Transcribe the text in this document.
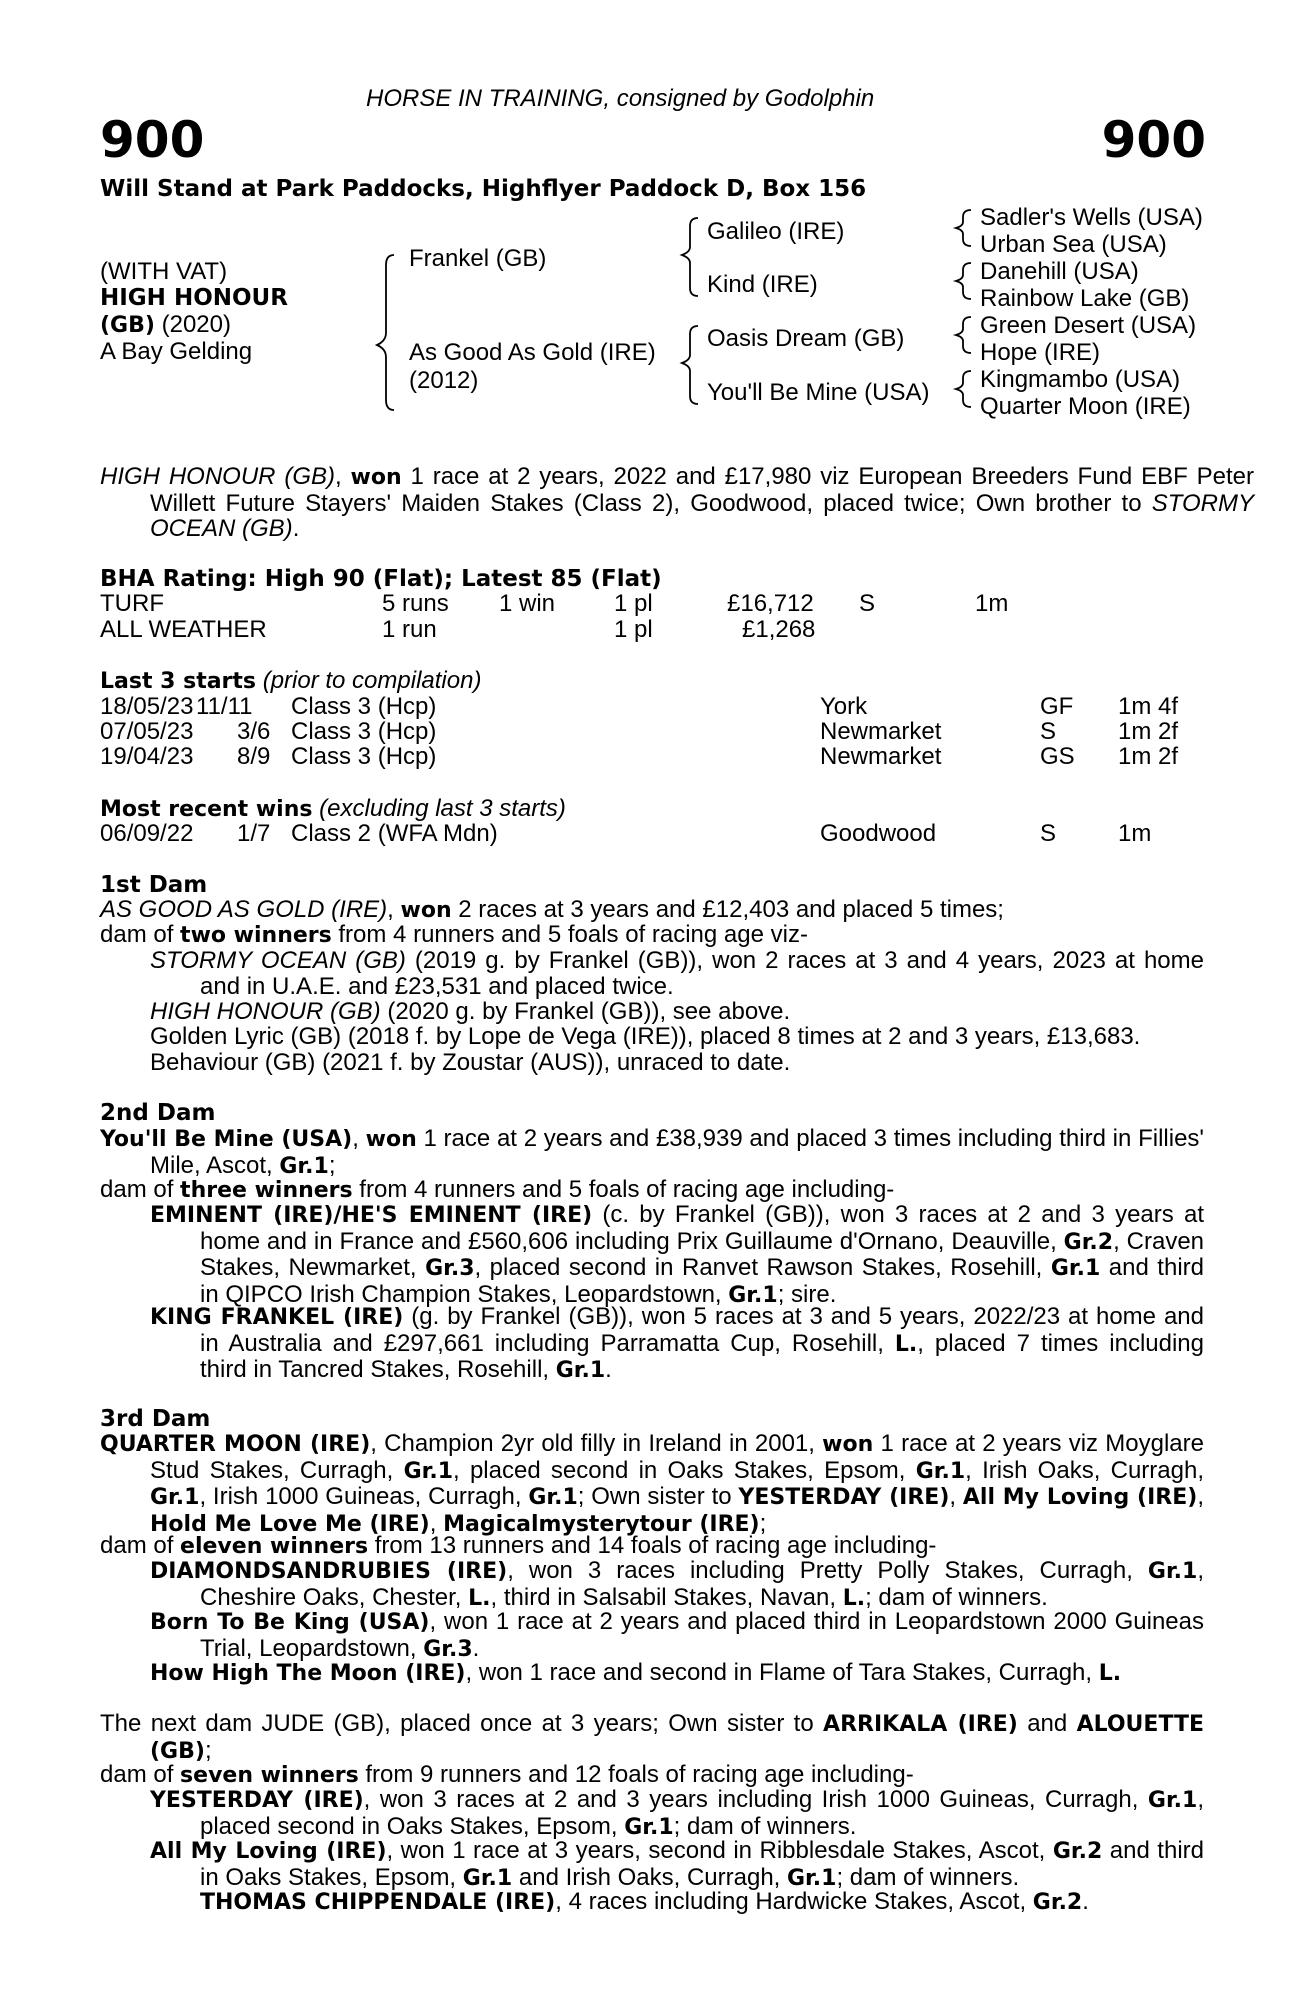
HORSE IN TRAINING, consigned by Godolphin
900	900
Will Stand at Park Paddocks, Highflyer Paddock D, Box 156
(WITH VAT)
HIGH HONOUR
(GB) (2020)
A Bay Gelding
Frankel (GB)
As Good As Gold (IRE)
(2012)
Galileo (IRE)
Kind (IRE)
Oasis Dream (GB)
You'll Be Mine (USA)
Sadler's Wells (USA)
Urban Sea (USA)
Danehill (USA)
Rainbow Lake (GB)
Green Desert (USA)
Hope (IRE)
Kingmambo (USA)
Quarter Moon (IRE)
HIGH HONOUR (GB), won 1 race at 2 years, 2022 and £17,980 viz European Breeders Fund EBF Peter Willett Future Stayers' Maiden Stakes (Class 2), Goodwood, placed twice; Own brother to STORMY OCEAN (GB).
BHA Rating: High 90 (Flat); Latest 85 (Flat)
TURF	5 runs 1 win 1 pl	£16,712 S	1m
ALL WEATHER	1 run	1 pl	£1,268
Last 3 starts (prior to compilation)
18/05/23 11/11 Class 3 (Hcp)	York	GF 1m 4f
07/05/23 3/6 Class 3 (Hcp)	Newmarket	S	1m 2f
19/04/23 8/9 Class 3 (Hcp)	Newmarket	GS 1m 2f
Most recent wins (excluding last 3 starts)
06/09/22 1/7 Class 2 (WFA Mdn)	Goodwood	S	1m
1st Dam
AS GOOD AS GOLD (IRE), won 2 races at 3 years and £12,403 and placed 5 times;
dam of two winners from 4 runners and 5 foals of racing age viz-
STORMY OCEAN (GB) (2019 g. by Frankel (GB)), won 2 races at 3 and 4 years, 2023 at home and in U.A.E. and £23,531 and placed twice.
HIGH HONOUR (GB) (2020 g. by Frankel (GB)), see above.
Golden Lyric (GB) (2018 f. by Lope de Vega (IRE)), placed 8 times at 2 and 3 years, £13,683.
Behaviour (GB) (2021 f. by Zoustar (AUS)), unraced to date.
2nd Dam
You'll Be Mine (USA), won 1 race at 2 years and £38,939 and placed 3 times including third in Fillies' Mile, Ascot, Gr.1;
dam of three winners from 4 runners and 5 foals of racing age including-
EMINENT (IRE)/HE'S EMINENT (IRE) (c. by Frankel (GB)), won 3 races at 2 and 3 years at home and in France and £560,606 including Prix Guillaume d'Ornano, Deauville, Gr.2, Craven Stakes, Newmarket, Gr.3, placed second in Ranvet Rawson Stakes, Rosehill, Gr.1 and third in QIPCO Irish Champion Stakes, Leopardstown, Gr.1; sire.
KING FRANKEL (IRE) (g. by Frankel (GB)), won 5 races at 3 and 5 years, 2022/23 at home and in Australia and £297,661 including Parramatta Cup, Rosehill, L., placed 7 times including third in Tancred Stakes, Rosehill, Gr.1.
3rd Dam
QUARTER MOON (IRE), Champion 2yr old filly in Ireland in 2001, won 1 race at 2 years viz Moyglare Stud Stakes, Curragh, Gr.1, placed second in Oaks Stakes, Epsom, Gr.1, Irish Oaks, Curragh, Gr.1, Irish 1000 Guineas, Curragh, Gr.1; Own sister to YESTERDAY (IRE), All My Loving (IRE), Hold Me Love Me (IRE), Magicalmysterytour (IRE);
dam of eleven winners from 13 runners and 14 foals of racing age including-
DIAMONDSANDRUBIES (IRE), won 3 races including Pretty Polly Stakes, Curragh, Gr.1, Cheshire Oaks, Chester, L., third in Salsabil Stakes, Navan, L.; dam of winners.
Born To Be King (USA), won 1 race at 2 years and placed third in Leopardstown 2000 Guineas Trial, Leopardstown, Gr.3.
How High The Moon (IRE), won 1 race and second in Flame of Tara Stakes, Curragh, L.
The next dam JUDE (GB), placed once at 3 years; Own sister to ARRIKALA (IRE) and ALOUETTE (GB);
dam of seven winners from 9 runners and 12 foals of racing age including-
YESTERDAY (IRE), won 3 races at 2 and 3 years including Irish 1000 Guineas, Curragh, Gr.1, placed second in Oaks Stakes, Epsom, Gr.1; dam of winners.
All My Loving (IRE), won 1 race at 3 years, second in Ribblesdale Stakes, Ascot, Gr.2 and third in Oaks Stakes, Epsom, Gr.1 and Irish Oaks, Curragh, Gr.1; dam of winners.
THOMAS CHIPPENDALE (IRE), 4 races including Hardwicke Stakes, Ascot, Gr.2.
